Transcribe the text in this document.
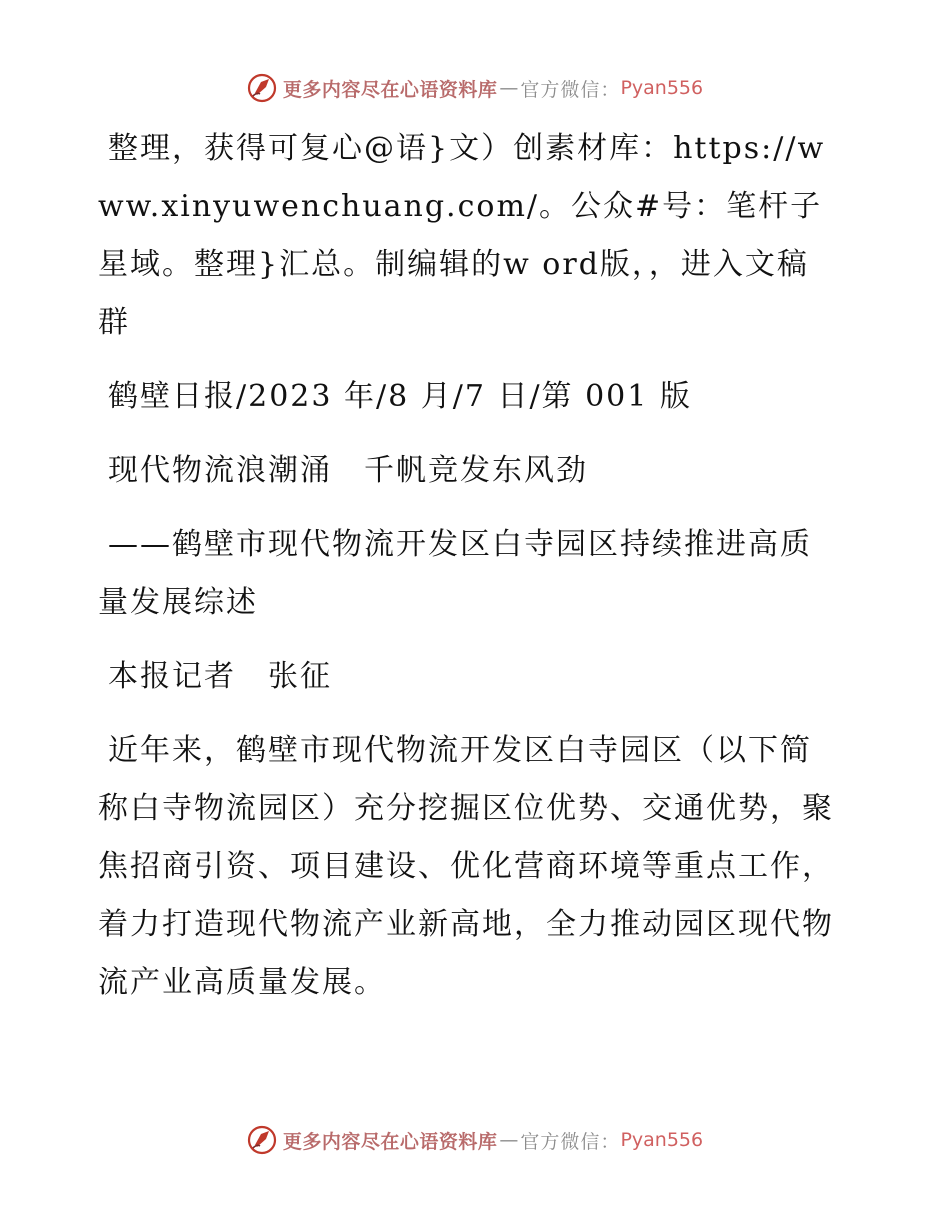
更多内容尽在心语资料库 — 官方微信： Pyan556

整理，获得可复心@语}文）创素材库：https://www.xinyuwenchuang.com/。公众#号：笔杆子星域。整理}汇总。制编辑的w ord版，，进入文稿群

鹤壁日报/2023 年/8 月/7 日/第 001 版

现代物流浪潮涌　千帆竞发东风劲

——鹤壁市现代物流开发区白寺园区持续推进高质量发展综述

本报记者　张征

近年来，鹤壁市现代物流开发区白寺园区（以下简称白寺物流园区）充分挖掘区位优势、交通优势，聚焦招商引资、项目建设、优化营商环境等重点工作，着力打造现代物流产业新高地，全力推动园区现代物流产业高质量发展。

更多内容尽在心语资料库 — 官方微信： Pyan556
